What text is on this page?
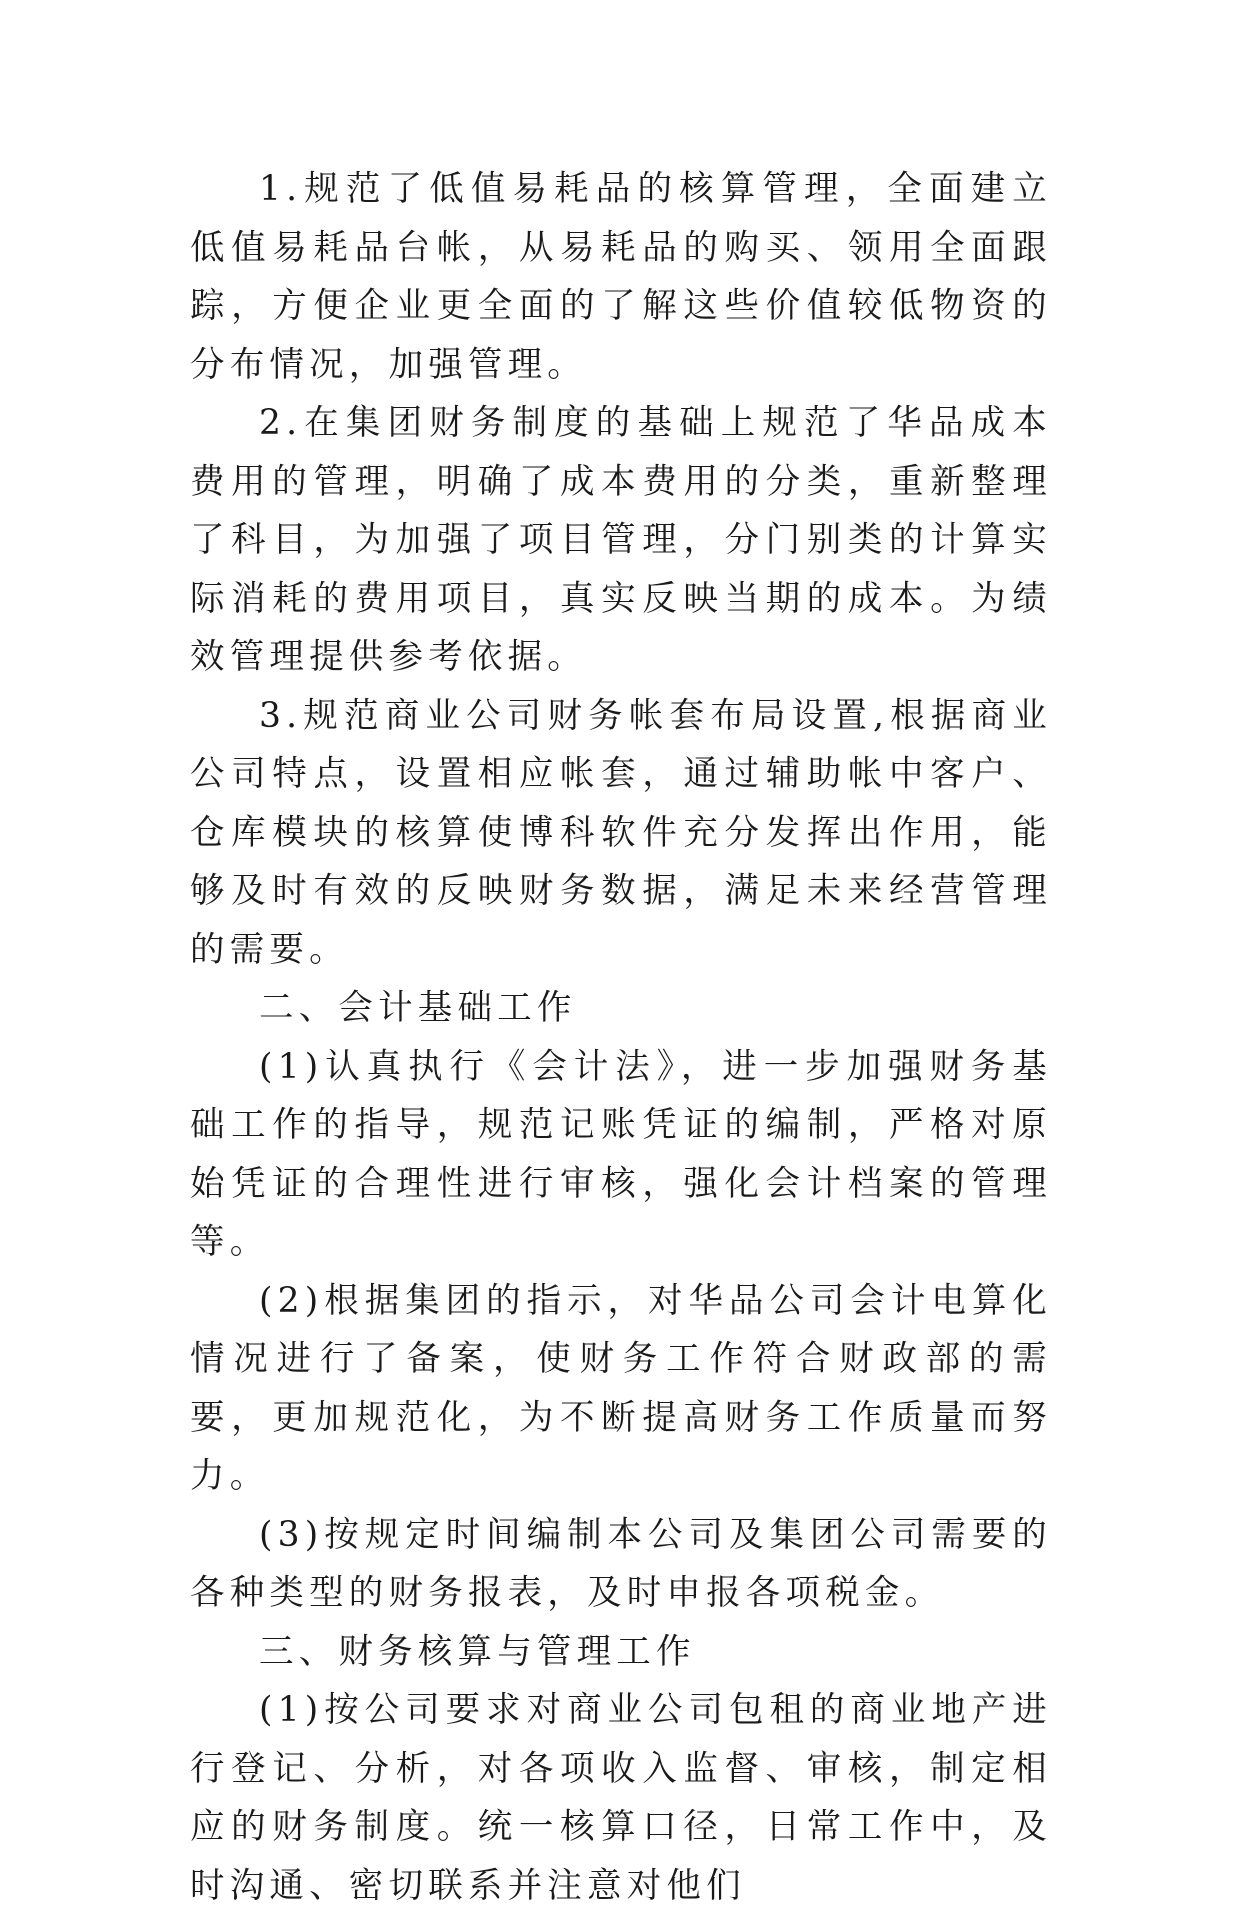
1.规范了低值易耗品的核算管理，全面建立低值易耗品台帐，从易耗品的购买、领用全面跟踪，方便企业更全面的了解这些价值较低物资的分布情况，加强管理。

2.在集团财务制度的基础上规范了华品成本费用的管理，明确了成本费用的分类，重新整理了科目，为加强了项目管理，分门别类的计算实际消耗的费用项目，真实反映当期的成本。为绩效管理提供参考依据。

3.规范商业公司财务帐套布局设置,根据商业公司特点，设置相应帐套，通过辅助帐中客户、仓库模块的核算使博科软件充分发挥出作用，能够及时有效的反映财务数据，满足未来经营管理的需要。

二、会计基础工作

(1)认真执行《会计法》，进一步加强财务基础工作的指导，规范记账凭证的编制，严格对原始凭证的合理性进行审核，强化会计档案的管理等。

(2)根据集团的指示，对华品公司会计电算化情况进行了备案，使财务工作符合财政部的需要，更加规范化，为不断提高财务工作质量而努力。

(3)按规定时间编制本公司及集团公司需要的各种类型的财务报表，及时申报各项税金。

三、财务核算与管理工作

(1)按公司要求对商业公司包租的商业地产进行登记、分析，对各项收入监督、审核，制定相应的财务制度。统一核算口径，日常工作中，及时沟通、密切联系并注意对他们
